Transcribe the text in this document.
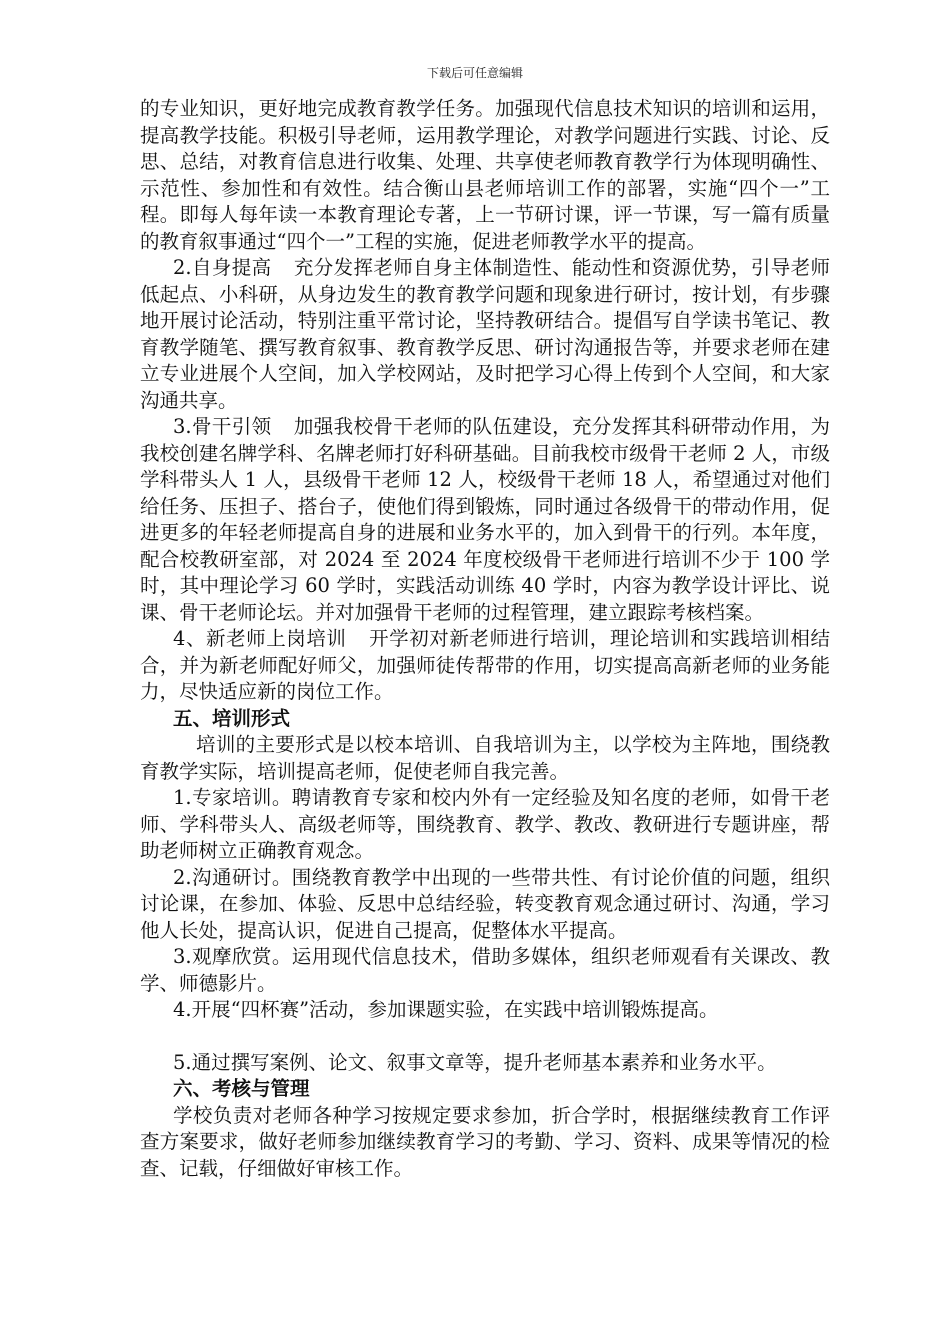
下载后可任意编辑

的专业知识，更好地完成教育教学任务。加强现代信息技术知识的培训和运用，提高教学技能。积极引导老师，运用教学理论，对教学问题进行实践、讨论、反思、总结，对教育信息进行收集、处理、共享使老师教育教学行为体现明确性、示范性、参加性和有效性。结合衡山县老师培训工作的部署，实施“四个一”工程。即每人每年读一本教育理论专著，上一节研讨课，评一节课，写一篇有质量的教育叙事通过“四个一”工程的实施，促进老师教学水平的提高。

2.自身提高 充分发挥老师自身主体制造性、能动性和资源优势，引导老师低起点、小科研，从身边发生的教育教学问题和现象进行研讨，按计划，有步骤地开展讨论活动，特别注重平常讨论，坚持教研结合。提倡写自学读书笔记、教育教学随笔、撰写教育叙事、教育教学反思、研讨沟通报告等，并要求老师在建立专业进展个人空间，加入学校网站，及时把学习心得上传到个人空间，和大家沟通共享。

3.骨干引领 加强我校骨干老师的队伍建设，充分发挥其科研带动作用，为我校创建名牌学科、名牌老师打好科研基础。目前我校市级骨干老师 2 人，市级学科带头人 1 人，县级骨干老师 12 人，校级骨干老师 18 人，希望通过对他们给任务、压担子、搭台子，使他们得到锻炼，同时通过各级骨干的带动作用，促进更多的年轻老师提高自身的进展和业务水平的，加入到骨干的行列。本年度，配合校教研室部，对 2024 至 2024 年度校级骨干老师进行培训不少于 100 学时，其中理论学习 60 学时，实践活动训练 40 学时，内容为教学设计评比、说课、骨干老师论坛。并对加强骨干老师的过程管理，建立跟踪考核档案。

4、新老师上岗培训 开学初对新老师进行培训，理论培训和实践培训相结合，并为新老师配好师父，加强师徒传帮带的作用，切实提高高新老师的业务能力，尽快适应新的岗位工作。

五、培训形式

培训的主要形式是以校本培训、自我培训为主，以学校为主阵地，围绕教育教学实际，培训提高老师，促使老师自我完善。

1.专家培训。聘请教育专家和校内外有一定经验及知名度的老师，如骨干老师、学科带头人、高级老师等，围绕教育、教学、教改、教研进行专题讲座，帮助老师树立正确教育观念。

2.沟通研讨。围绕教育教学中出现的一些带共性、有讨论价值的问题，组织讨论课，在参加、体验、反思中总结经验，转变教育观念通过研讨、沟通，学习他人长处，提高认识，促进自己提高，促整体水平提高。

3.观摩欣赏。运用现代信息技术，借助多媒体，组织老师观看有关课改、教学、师德影片。

4.开展“四杯赛”活动，参加课题实验，在实践中培训锻炼提高。

5.通过撰写案例、论文、叙事文章等，提升老师基本素养和业务水平。

六、考核与管理

学校负责对老师各种学习按规定要求参加，折合学时，根据继续教育工作评查方案要求，做好老师参加继续教育学习的考勤、学习、资料、成果等情况的检查、记载，仔细做好审核工作。
